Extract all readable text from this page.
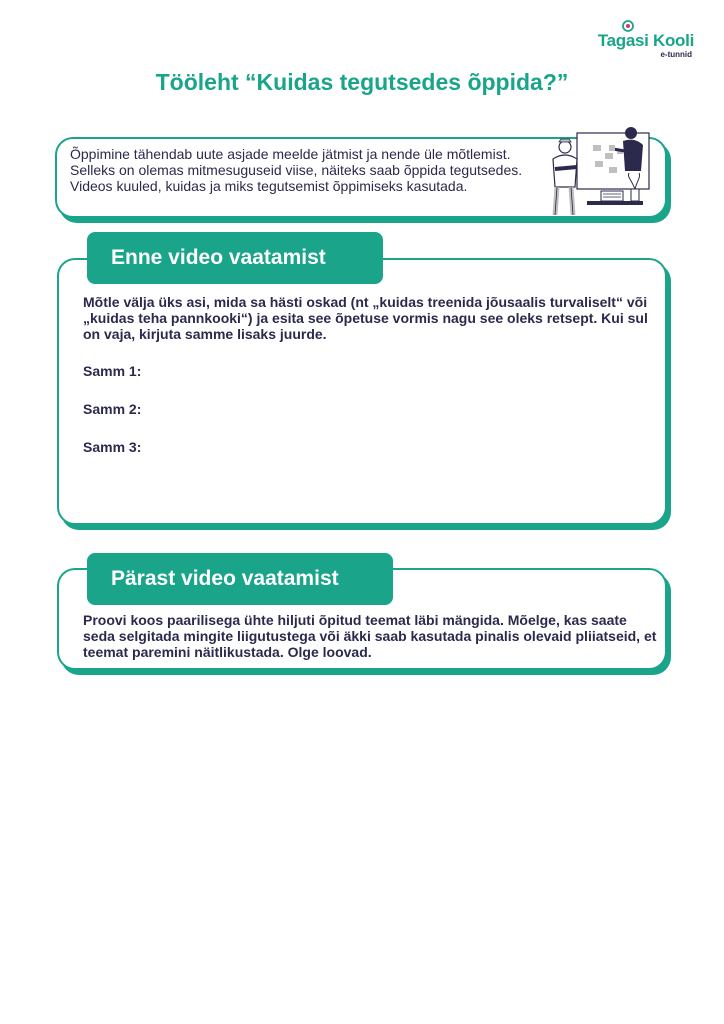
Tagasi Kooli
e-tunnid
Tööleht “Kuidas tegutsedes õppida?”

Õppimine tähendab uute asjade meelde jätmist ja nende üle mõtlemist. Selleks on olemas mitmesuguseid viise, näiteks saab õppida tegutsedes. Videos kuuled, kuidas ja miks tegutsemist õppimiseks kasutada.

Mõtle välja üks asi, mida sa hästi oskad (nt „kuidas treenida jõusaalis turvaliselt“ või „kuidas teha pannkooki“) ja esita see õpetuse vormis nagu see oleks retsept. Kui sul on vaja, kirjuta samme lisaks juurde.

Samm 1:
Samm 2:
Samm 3:
Enne video vaatamist

Proovi koos paarilisega ühte hiljuti õpitud teemat läbi mängida. Mõelge, kas saate seda selgitada mingite liigutustega või äkki saab kasutada pinalis olevaid pliiatseid, et teemat paremini näitlikustada. Olge loovad.

Pärast video vaatamist
